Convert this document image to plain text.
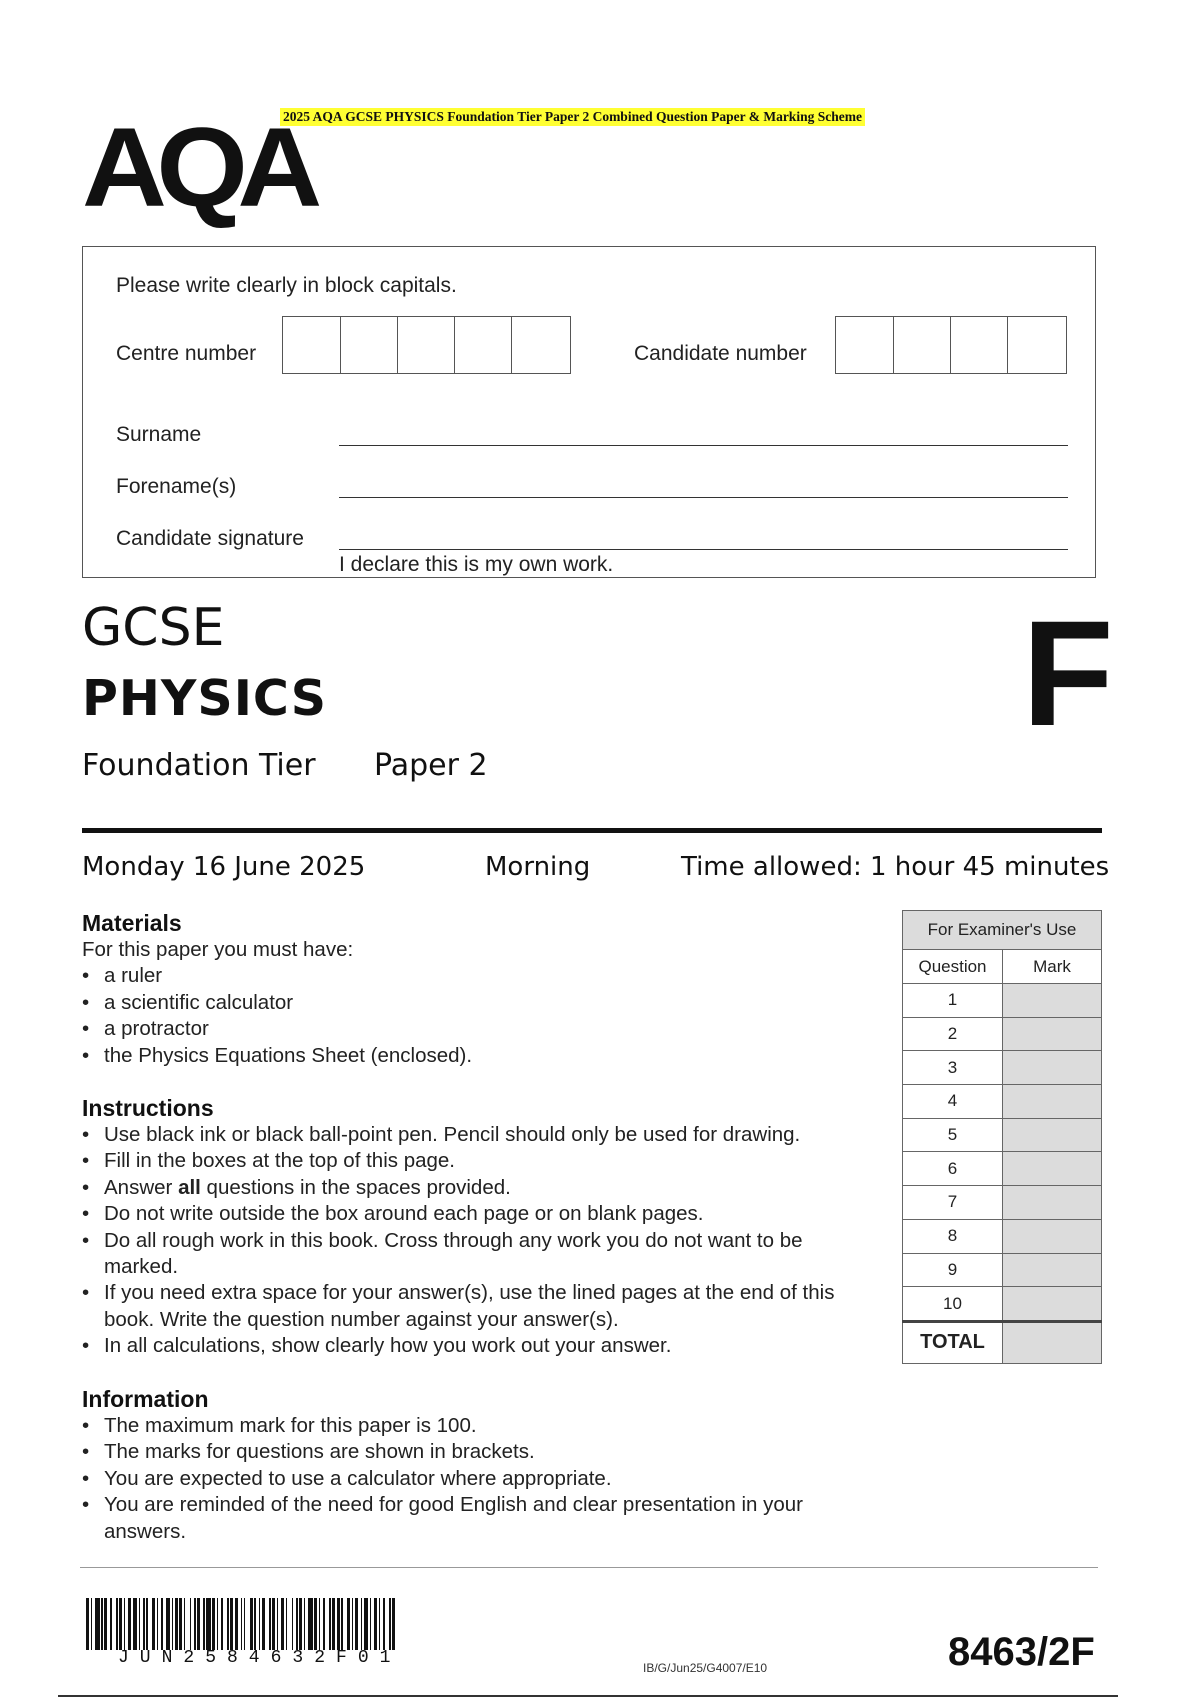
2025 AQA GCSE PHYSICS Foundation Tier Paper 2 Combined Question Paper & Marking Scheme
AQA
Please write clearly in block capitals.
Centre number	Candidate number
Surname
Forename(s)
Candidate signature
I declare this is my own work.
GCSE
PHYSICS
Foundation Tier Paper 2
F
Monday 16 June 2025	Morning	Time allowed: 1 hour 45 minutes
Materials
For this paper you must have:
• a ruler
• a scientific calculator
• a protractor
• the Physics Equations Sheet (enclosed).
Instructions
• Use black ink or black ball-point pen. Pencil should only be used for drawing.
• Fill in the boxes at the top of this page.
• Answer all questions in the spaces provided.
• Do not write outside the box around each page or on blank pages.
• Do all rough work in this book. Cross through any work you do not want to be marked.
• If you need extra space for your answer(s), use the lined pages at the end of this book. Write the question number against your answer(s).
• In all calculations, show clearly how you work out your answer.
Information
• The maximum mark for this paper is 100.
• The marks for questions are shown in brackets.
• You are expected to use a calculator where appropriate.
• You are reminded of the need for good English and clear presentation in your answers.
For Examiner's Use	
Question	Mark
1	
2	
3	
4	
5	
6	
7	
8	
9	
10	
TOTAL	
JUN2584632F01	IB/G/Jun25/G4007/E10	8463/2F
